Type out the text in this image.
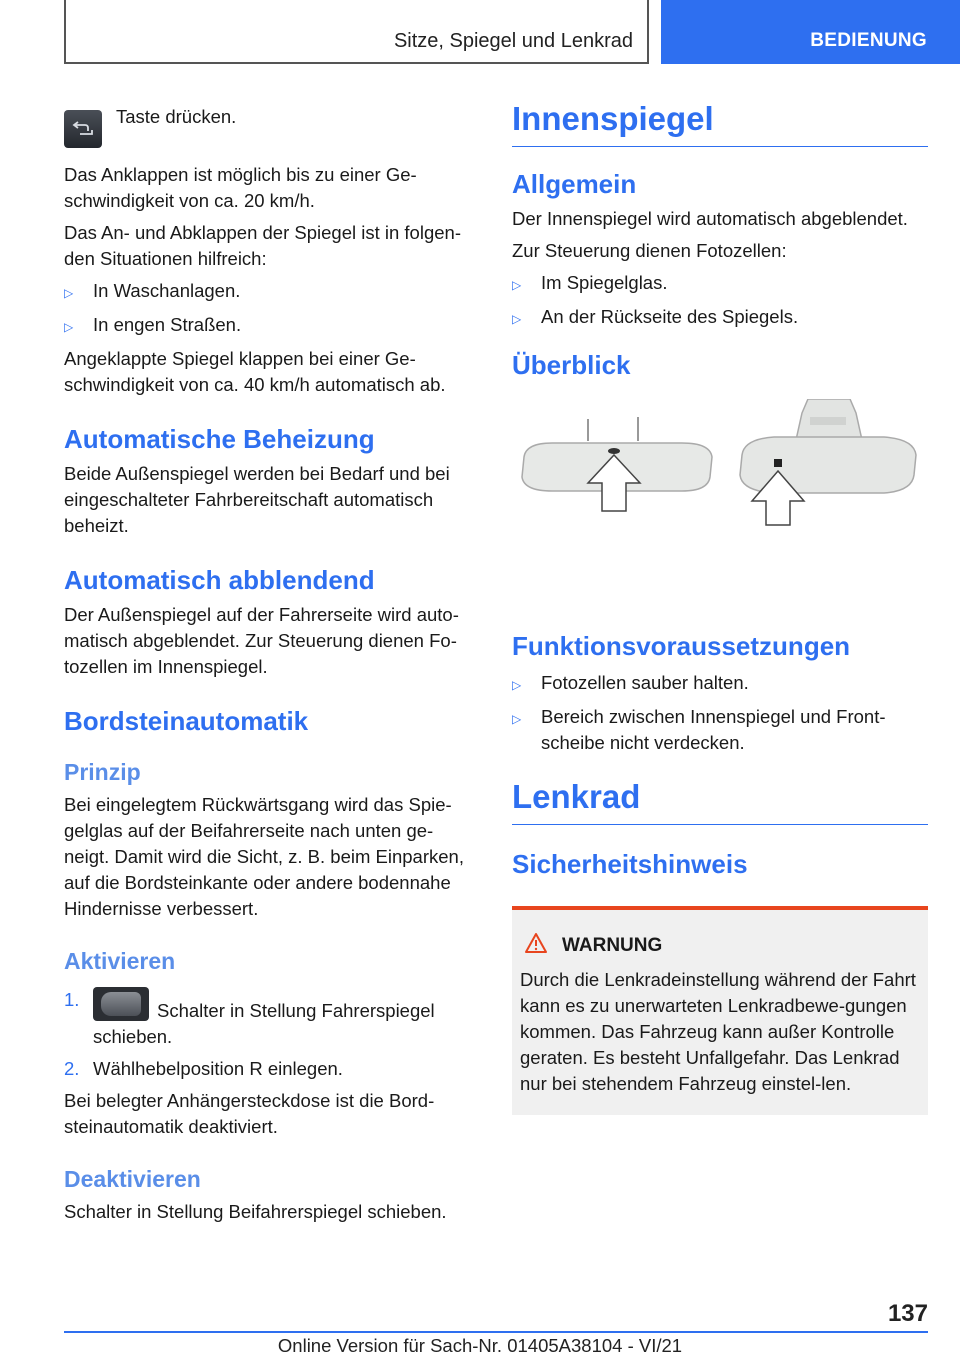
Sitze, Spiegel und Lenkrad	BEDIENUNG

Taste drücken.

Das Anklappen ist möglich bis zu einer Ge-schwindigkeit von ca. 20 km/h.

Das An- und Abklappen der Spiegel ist in folgen-den Situationen hilfreich:

▷	In Waschanlagen.
▷	In engen Straßen.

Angeklappte Spiegel klappen bei einer Ge-schwindigkeit von ca. 40 km/h automatisch ab.

Automatische Beheizung

Beide Außenspiegel werden bei Bedarf und bei eingeschalteter Fahrbereitschaft automatisch beheizt.

Automatisch abblendend

Der Außenspiegel auf der Fahrerseite wird auto-matisch abgeblendet. Zur Steuerung dienen Fo-tozellen im Innenspiegel.

Bordsteinautomatik
Prinzip

Bei eingelegtem Rückwärtsgang wird das Spie-gelglas auf der Beifahrerseite nach unten ge-neigt. Damit wird die Sicht, z. B. beim Einparken, auf die Bordsteinkante oder andere bodennahe Hindernisse verbessert.

Aktivieren
1.
Schalter in Stellung Fahrerspiegel schieben.
2. Wählhebelposition R einlegen.

Bei belegter Anhängersteckdose ist die Bord-steinautomatik deaktiviert.

Deaktivieren

Schalter in Stellung Beifahrerspiegel schieben.

Innenspiegel
Allgemein

Der Innenspiegel wird automatisch abgeblendet.

Zur Steuerung dienen Fotozellen:

▷	Im Spiegelglas.
▷	An der Rückseite des Spiegels.
Überblick
Funktionsvoraussetzungen
▷	Fotozellen sauber halten.
▷	Bereich zwischen Innenspiegel und Front-scheibe nicht verdecken.
Lenkrad
Sicherheitshinweis
WARNUNG

Durch die Lenkradeinstellung während der Fahrt kann es zu unerwarteten Lenkradbewe-gungen kommen. Das Fahrzeug kann außer Kontrolle geraten. Es besteht Unfallgefahr. Das Lenkrad nur bei stehendem Fahrzeug einstel-len.

137
Online Version für Sach-Nr. 01405A38104 - VI/21
